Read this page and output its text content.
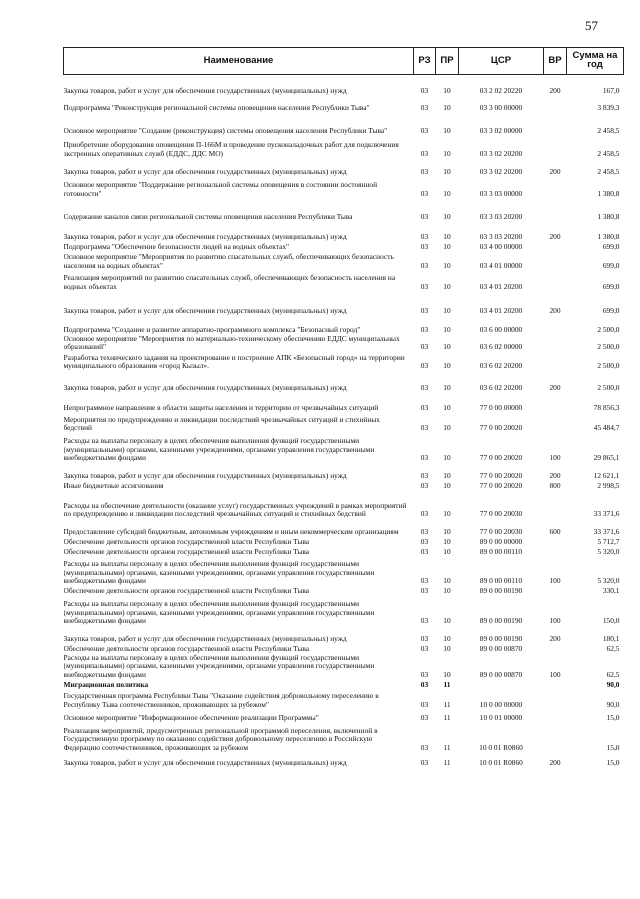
57
Наименование	РЗ	ПР	ЦСР	ВР	Сумма на год
Закупка товаров, работ и услуг для обеспечения государственных (муниципальных) нужд	03	10	03 2 02 20220	200	167,0
Подпрограмма "Реконструкция региональной системы оповещения населения Республики Тыва"	03	10	03 3 00 00000		3 839,3
Основное мероприятие "Создание (реконструкция) системы оповещения населения Республики Тыва"	03	10	03 3 02 00000		2 458,5
Приобретение оборудования оповещения П-166М и проведение пусконаладочных работ для подключения экстренных оперативных служб (ЕДДС, ДДС МО)	03	10	03 3 02 20200		2 458,5
Закупка товаров, работ и услуг для обеспечения государственных (муниципальных) нужд	03	10	03 3 02 20200	200	2 458,5
Основное мероприятие "Поддержание региональной системы оповещения в состоянии постоянной готовности"	03	10	03 3 03 00000		1 380,8
Содержание каналов связи региональной системы оповещения населения Республики Тыва	03	10	03 3 03 20200		1 380,8
Закупка товаров, работ и услуг для обеспечения государственных (муниципальных) нужд	03	10	03 3 03 20200	200	1 380,8
Подпрограмма "Обеспечение безопасности людей на водных объектах"	03	10	03 4 00 00000		699,0
Основное мероприятие "Мероприятия по развитию спасательных служб, обеспечивающих безопасность населения на водных объектах"	03	10	03 4 01 00000		699,0
Реализация мероприятий по развитию спасательных служб, обеспечивающих безопасность населения на водных объектах	03	10	03 4 01 20200		699,0
Закупка товаров, работ и услуг для обеспечения государственных (муниципальных) нужд	03	10	03 4 01 20200	200	699,0
Подпрограмма "Создание и развитие аппаратно-программного комплекса "Безопасный город"	03	10	03 6 00 00000		2 500,0
Основное мероприятие "Мероприятия по материально-техническому обеспечению ЕДДС муниципальных образований"	03	10	03 6 02 00000		2 500,0
Разработка технического задания на проектирование и построение АПК «Безопасный город» на территории муниципального образования «город Кызыл».	03	10	03 6 02 20200		2 500,0
Закупка товаров, работ и услуг для обеспечения государственных (муниципальных) нужд	03	10	03 6 02 20200	200	2 500,0
Непрограммное направление в области защиты населения и территории от чрезвычайных ситуаций	03	10	77 0 00 00000		78 856,3
Мероприятия по предупреждению и ликвидации последствий чрезвычайных ситуаций и стихийных бедствий	03	10	77 0 00 20020		45 484,7
Расходы на выплаты персоналу в целях обеспечения выполнения функций государственными (муниципальными) органами, казенными учреждениями, органами управления государственными внебюджетными фондами	03	10	77 0 00 20020	100	29 865,1
Закупка товаров, работ и услуг для обеспечения государственных (муниципальных) нужд	03	10	77 0 00 20020	200	12 621,1
Иные бюджетные ассигнования	03	10	77 0 00 20020	800	2 998,5
Расходы на обеспечение деятельности (оказание услуг) государственных учреждений в рамках мероприятий по предупреждению и ликвидации последствий чрезвычайных ситуаций и стихийных бедствий	03	10	77 0 00 20030		33 371,6
Предоставление субсидий бюджетным, автономным учреждениям и иным некоммерческим организациям	03	10	77 0 00 20030	600	33 371,6
Обеспечение деятельности органов государственной власти Республики Тыва	03	10	89 0 00 00000		5 712,7
Обеспечение деятельности органов государственной власти Республики Тыва	03	10	89 0 00 00110		5 320,0
Расходы на выплаты персоналу в целях обеспечения выполнения функций государственными (муниципальными) органами, казенными учреждениями, органами управления государственными внебюджетными фондами	03	10	89 0 00 00110	100	5 320,0
Обеспечение деятельности органов государственной власти Республики Тыва	03	10	89 0 00 00190		330,1
Расходы на выплаты персоналу в целях обеспечения выполнения функций государственными (муниципальными) органами, казенными учреждениями, органами управления государственными внебюджетными фондами	03	10	89 0 00 00190	100	150,0
Закупка товаров, работ и услуг для обеспечения государственных (муниципальных) нужд	03	10	89 0 00 00190	200	180,1
Обеспечение деятельности органов государственной власти Республики Тыва	03	10	89 0 00 00870		62,5
Расходы на выплаты персоналу в целях обеспечения выполнения функций государственными (муниципальными) органами, казенными учреждениями, органами управления государственными внебюджетными фондами	03	10	89 0 00 00870	100	62,5
Миграционная политика	03	11			90,0
Государственная программа Республики Тыва "Оказание содействия добровольному переселению в Республику Тыва соотечественников, проживающих за рубежом"	03	11	10 0 00 00000		90,0
Основное мероприятие "Информационное обеспечение реализации Программы"	03	11	10 0 01 00000		15,0
Реализация мероприятий, предусмотренных региональной программой переселения, включенной в Государственную программу по оказанию содействия добровольному переселению в Российскую Федерацию соотечественников, проживающих за рубежом	03	11	10 0 01 R0860		15,0
Закупка товаров, работ и услуг для обеспечения государственных (муниципальных) нужд	03	11	10 0 01 R0860	200	15,0
